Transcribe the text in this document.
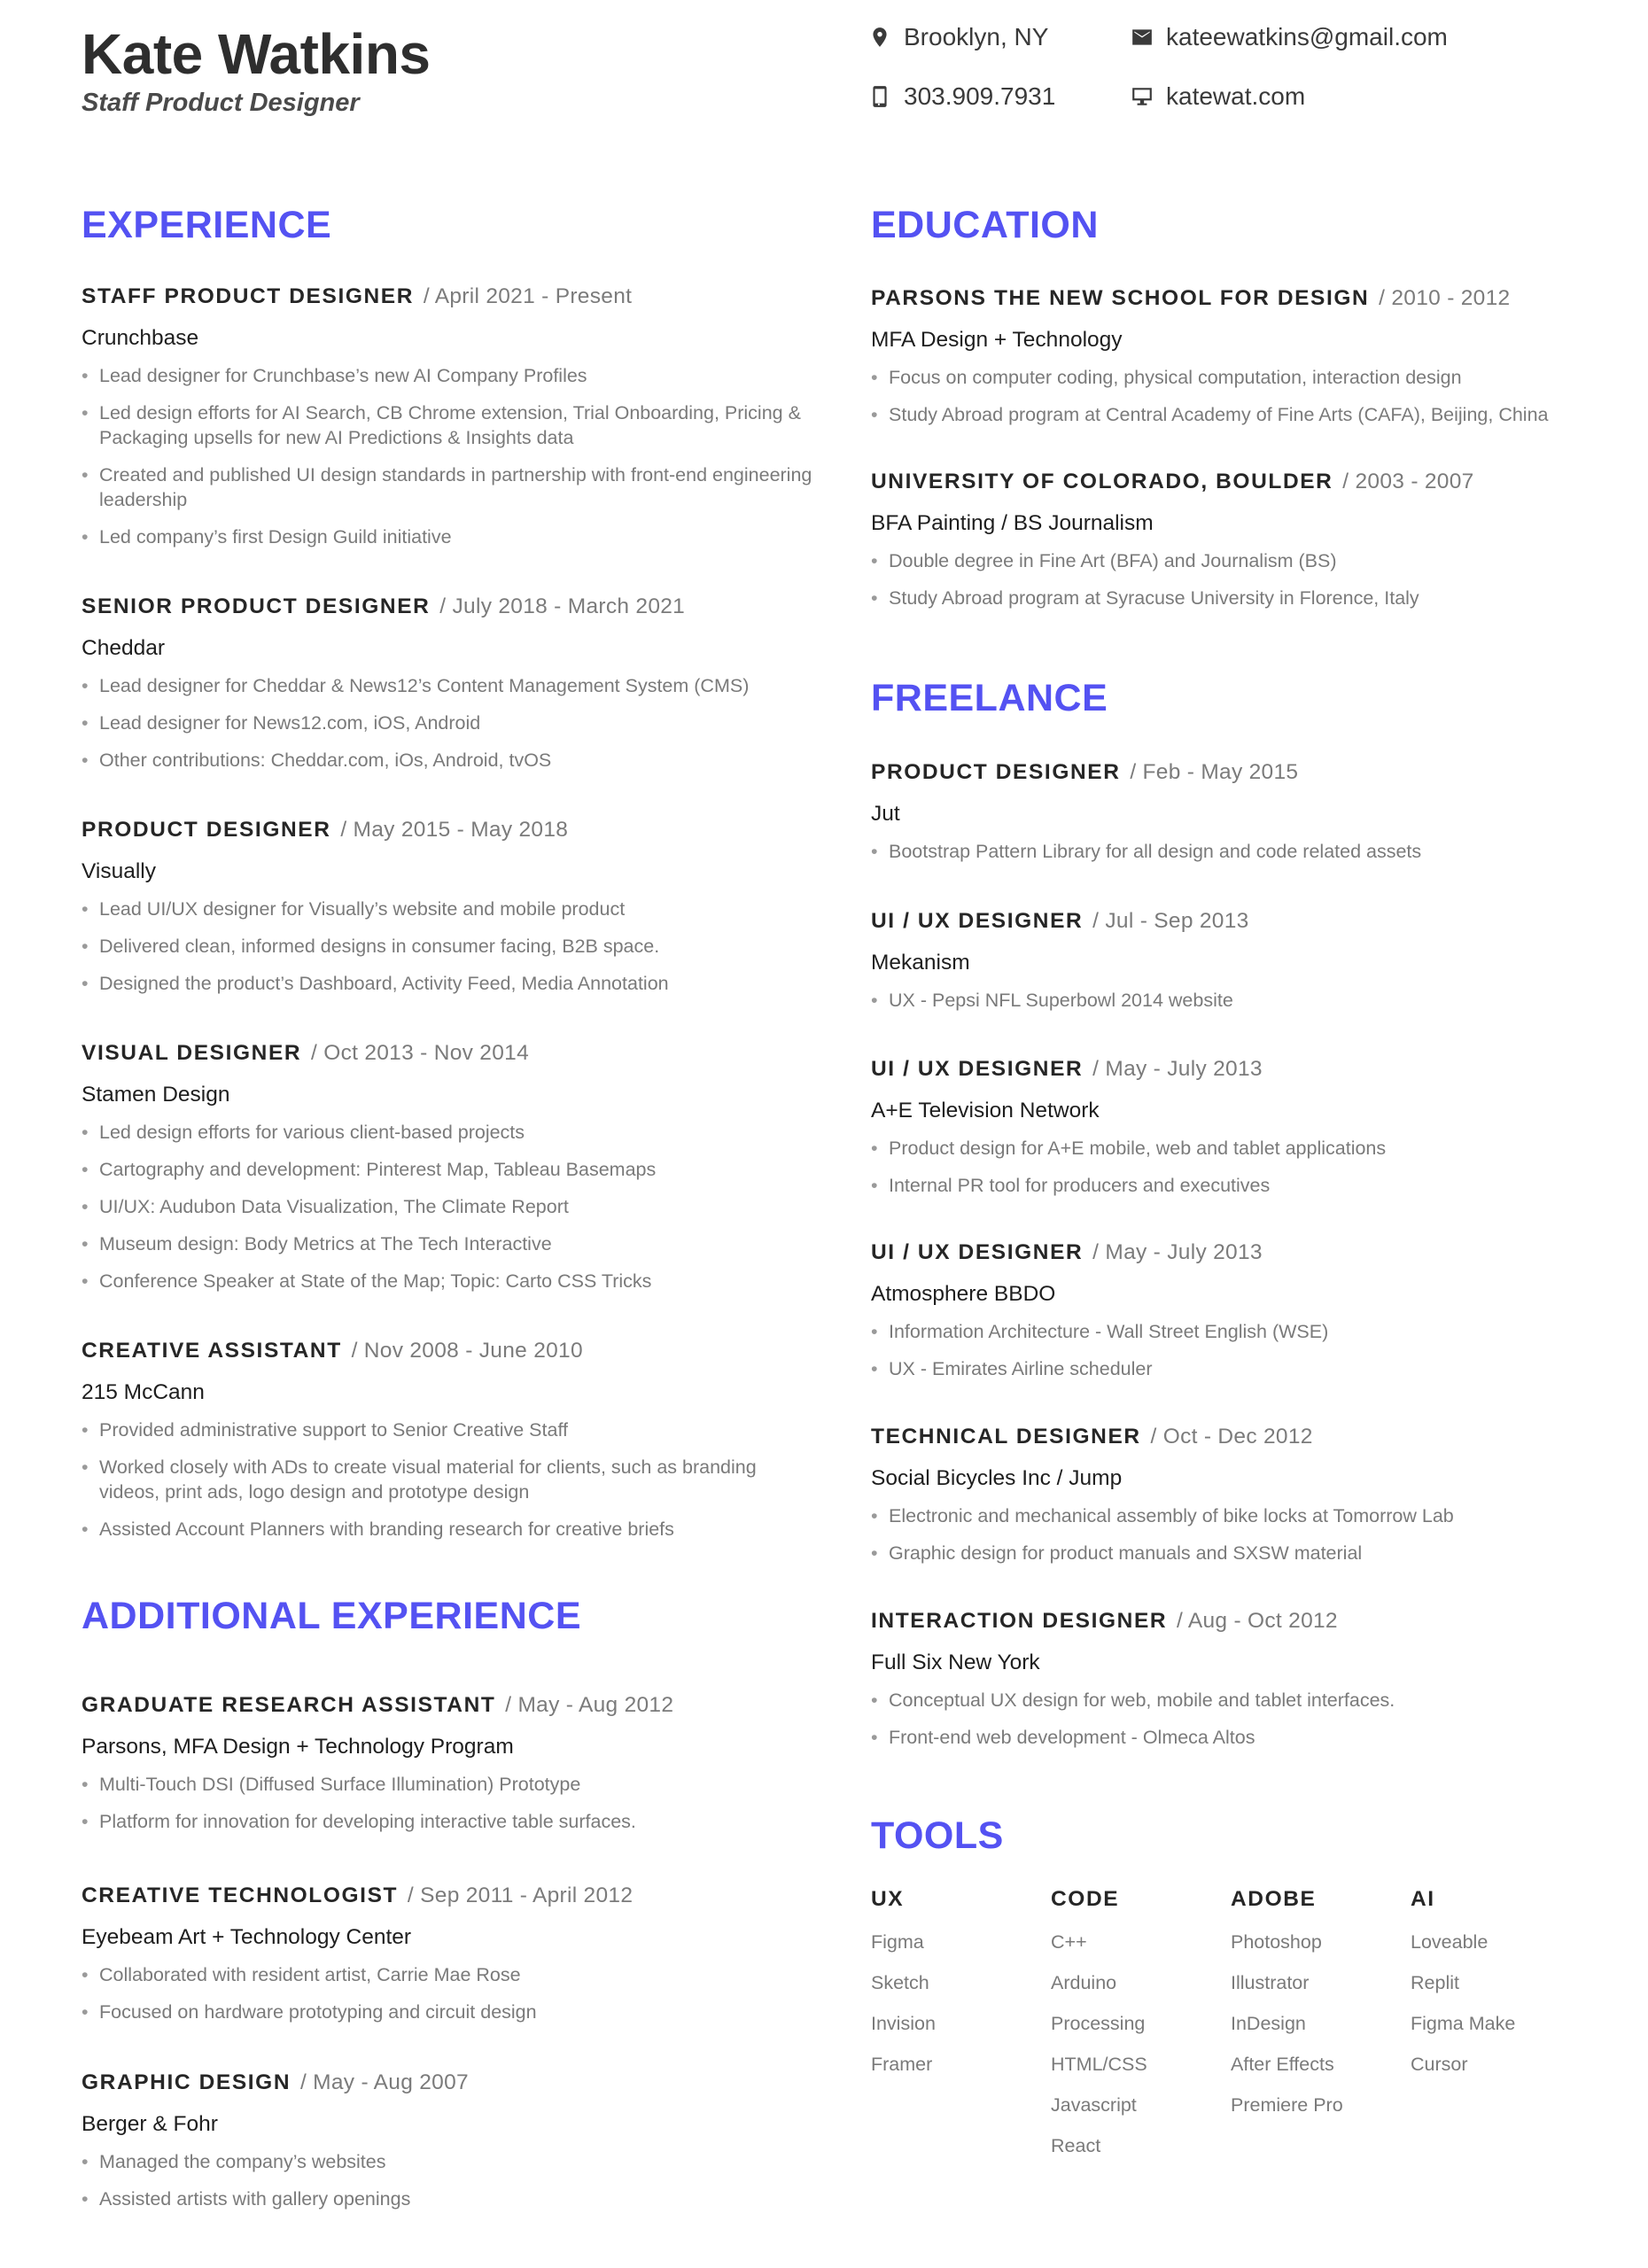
Kate Watkins
Staff Product Designer
Brooklyn, NY
303.909.7931
kateewatkins@gmail.com
katewat.com
EXPERIENCE
ADDITIONAL EXPERIENCE
EDUCATION
FREELANCE
TOOLS
STAFF PRODUCT DESIGNER / April 2021 - Present
Crunchbase
• Lead designer for Crunchbase’s new AI Company Profiles
• Led design efforts for AI Search, CB Chrome extension, Trial Onboarding, Pricing & Packaging upsells for new AI Predictions & Insights data
• Created and published UI design standards in partnership with front-end engineering leadership
• Led company’s first Design Guild initiative
SENIOR PRODUCT DESIGNER / July 2018 - March 2021
Cheddar
• Lead designer for Cheddar & News12’s Content Management System (CMS)
• Lead designer for News12.com, iOS, Android
• Other contributions: Cheddar.com, iOs, Android, tvOS
PRODUCT DESIGNER / May 2015 - May 2018
Visually
• Lead UI/UX designer for Visually’s website and mobile product
• Delivered clean, informed designs in consumer facing, B2B space.
• Designed the product’s Dashboard, Activity Feed, Media Annotation
VISUAL DESIGNER / Oct 2013 - Nov 2014
Stamen Design
• Led design efforts for various client-based projects
• Cartography and development: Pinterest Map, Tableau Basemaps
• UI/UX: Audubon Data Visualization, The Climate Report
• Museum design: Body Metrics at The Tech Interactive
• Conference Speaker at State of the Map; Topic: Carto CSS Tricks
CREATIVE ASSISTANT / Nov 2008 - June 2010
215 McCann
• Provided administrative support to Senior Creative Staff
• Worked closely with ADs to create visual material for clients, such as branding videos, print ads, logo design and prototype design
• Assisted Account Planners with branding research for creative briefs
GRADUATE RESEARCH ASSISTANT / May - Aug 2012
Parsons, MFA Design + Technology Program
• Multi-Touch DSI (Diffused Surface Illumination) Prototype
• Platform for innovation for developing interactive table surfaces.
CREATIVE TECHNOLOGIST / Sep 2011 - April 2012
Eyebeam Art + Technology Center
• Collaborated with resident artist, Carrie Mae Rose
• Focused on hardware prototyping and circuit design
GRAPHIC DESIGN / May - Aug 2007
Berger & Fohr
• Managed the company’s websites
• Assisted artists with gallery openings
PARSONS THE NEW SCHOOL FOR DESIGN / 2010 - 2012
MFA Design + Technology
• Focus on computer coding, physical computation, interaction design
• Study Abroad program at Central Academy of Fine Arts (CAFA), Beijing, China
UNIVERSITY OF COLORADO, BOULDER / 2003 - 2007
BFA Painting / BS Journalism
• Double degree in Fine Art (BFA) and Journalism (BS)
• Study Abroad program at Syracuse University in Florence, Italy
PRODUCT DESIGNER / Feb - May 2015
Jut
• Bootstrap Pattern Library for all design and code related assets
UI / UX DESIGNER / Jul - Sep 2013
Mekanism
• UX - Pepsi NFL Superbowl 2014 website
UI / UX DESIGNER / May - July 2013
A+E Television Network
• Product design for A+E mobile, web and tablet applications
• Internal PR tool for producers and executives
UI / UX DESIGNER / May - July 2013
Atmosphere BBDO
• Information Architecture - Wall Street English (WSE)
• UX - Emirates Airline scheduler
TECHNICAL DESIGNER / Oct - Dec 2012
Social Bicycles Inc / Jump
• Electronic and mechanical assembly of bike locks at Tomorrow Lab
• Graphic design for product manuals and SXSW material
INTERACTION DESIGNER / Aug - Oct 2012
Full Six New York
• Conceptual UX design for web, mobile and tablet interfaces.
• Front-end web development - Olmeca Altos
UX
Figma
Sketch
Invision
Framer
CODE
C++
Arduino
Processing
HTML/CSS
Javascript
React
ADOBE
Photoshop
Illustrator
InDesign
After Effects
Premiere Pro
AI
Loveable
Replit
Figma Make
Cursor
